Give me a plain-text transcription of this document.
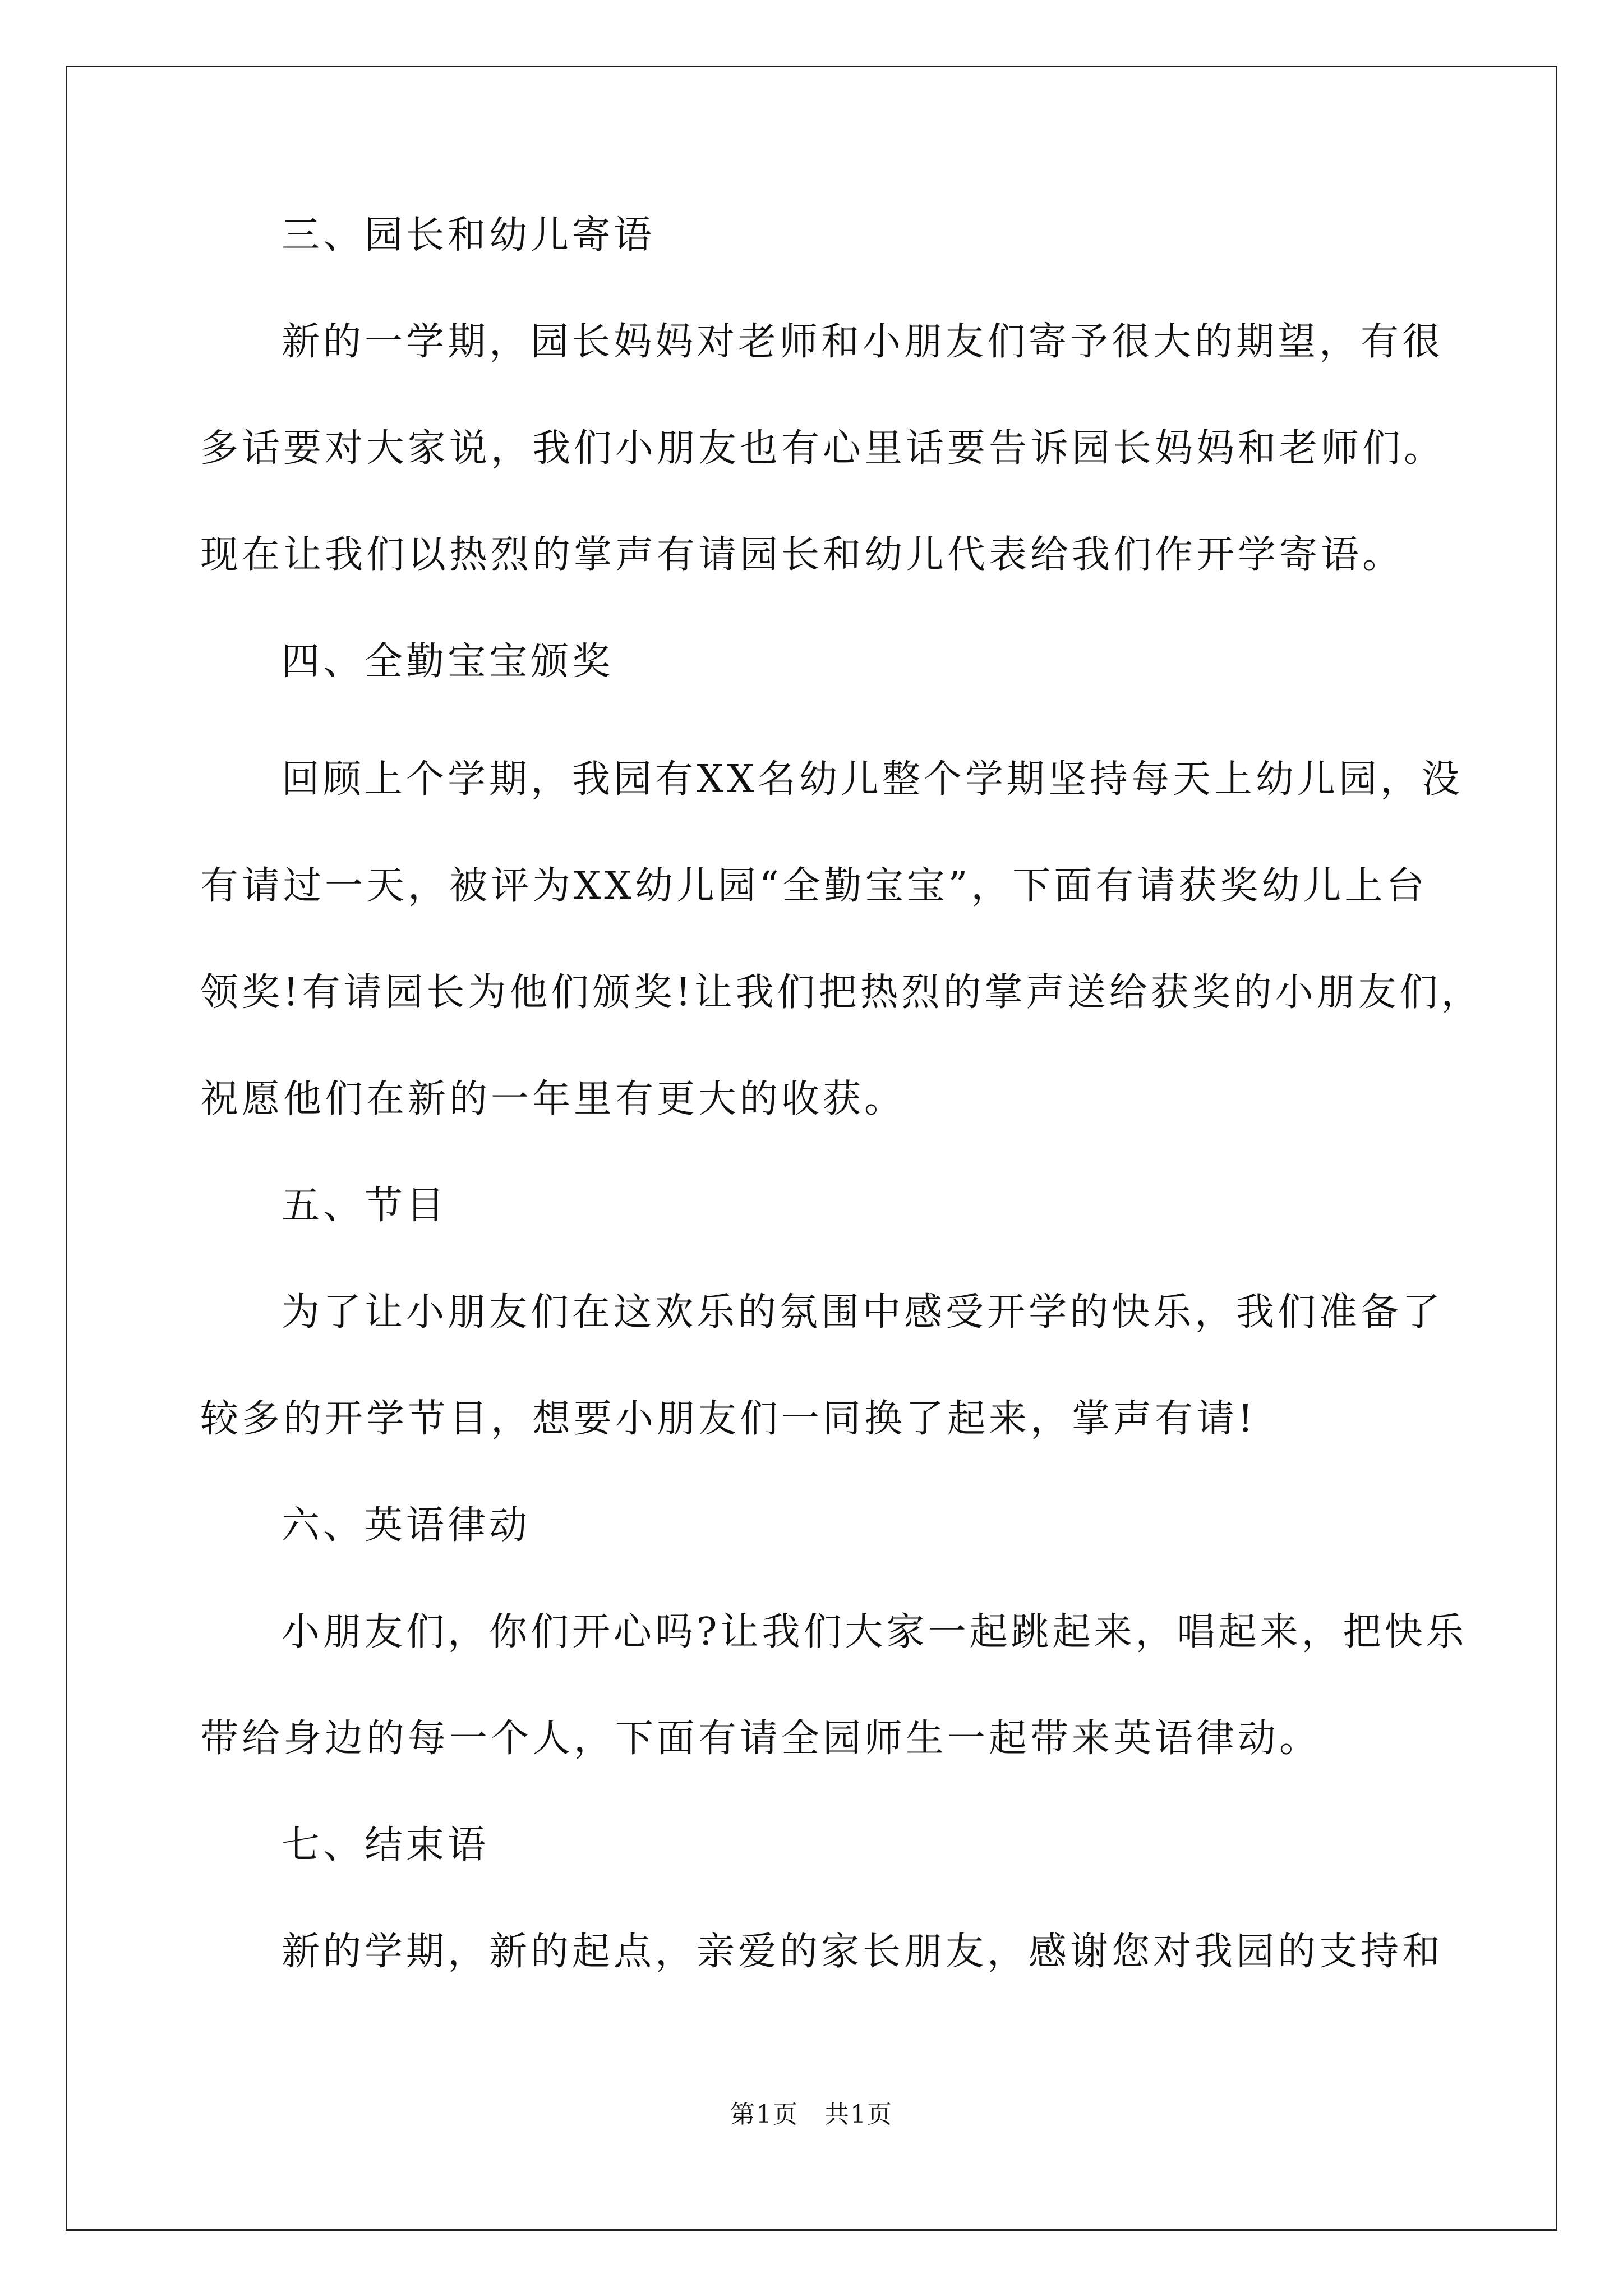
三、园长和幼儿寄语
新的一学期，园长妈妈对老师和小朋友们寄予很大的期望，有很
多话要对大家说，我们小朋友也有心里话要告诉园长妈妈和老师们。
现在让我们以热烈的掌声有请园长和幼儿代表给我们作开学寄语。
四、全勤宝宝颁奖
回顾上个学期，我园有XX名幼儿整个学期坚持每天上幼儿园，没
有请过一天，被评为XX幼儿园“全勤宝宝”，下面有请获奖幼儿上台
领奖!有请园长为他们颁奖!让我们把热烈的掌声送给获奖的小朋友们，
祝愿他们在新的一年里有更大的收获。
五、节目
为了让小朋友们在这欢乐的氛围中感受开学的快乐，我们准备了
较多的开学节目，想要小朋友们一同换了起来，掌声有请!
六、英语律动
小朋友们，你们开心吗?让我们大家一起跳起来，唱起来，把快乐
带给身边的每一个人，下面有请全园师生一起带来英语律动。
七、结束语
新的学期，新的起点，亲爱的家长朋友，感谢您对我园的支持和
第1页　共1页
